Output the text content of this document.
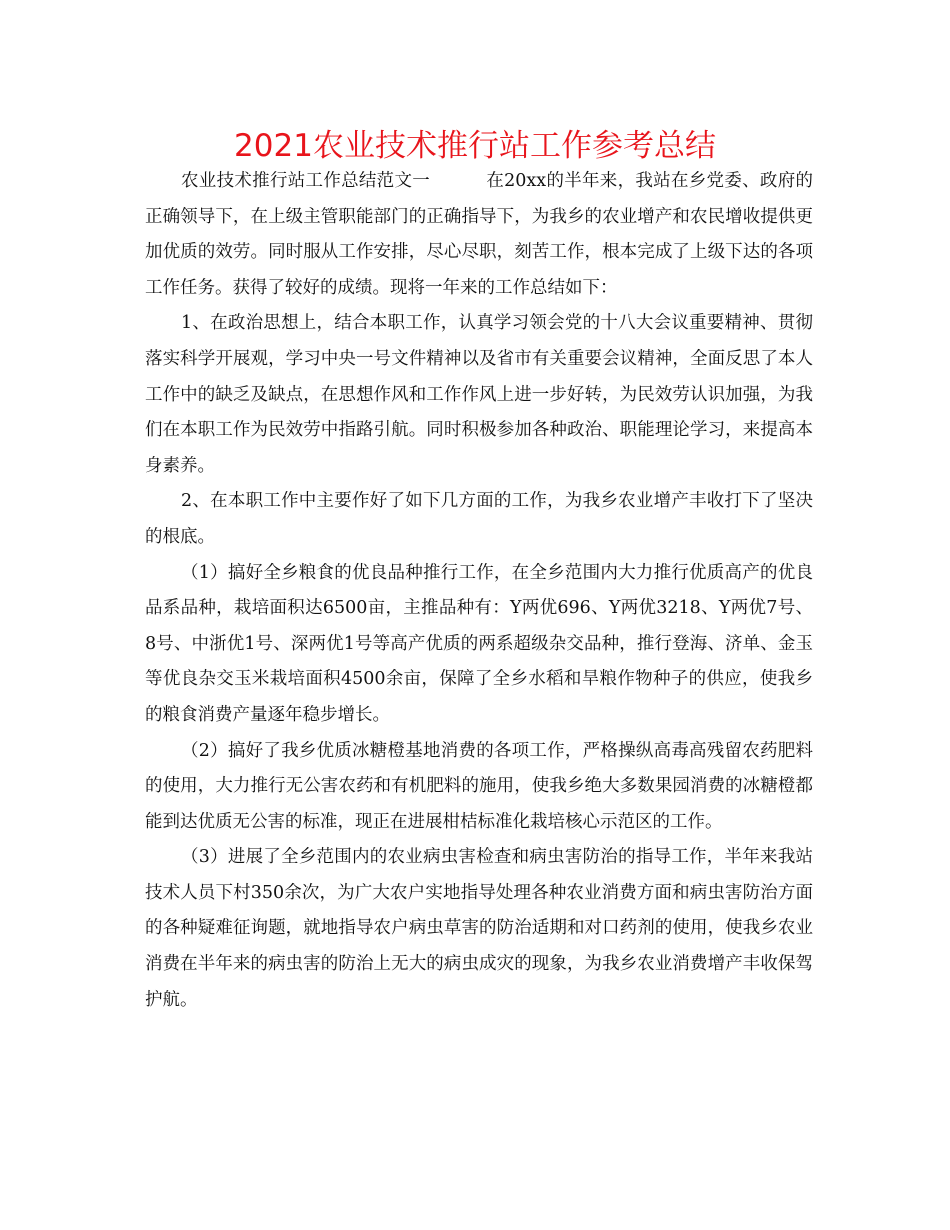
2021农业技术推行站工作参考总结

农业技术推行站工作总结范文一	在20xx的半年来，我站在乡党委、政府的正确领导下，在上级主管职能部门的正确指导下，为我乡的农业增产和农民增收提供更加优质的效劳。同时服从工作安排，尽心尽职，刻苦工作，根本完成了上级下达的各项工作任务。获得了较好的成绩。现将一年来的工作总结如下：

1、在政治思想上，结合本职工作，认真学习领会党的十八大会议重要精神、贯彻落实科学开展观，学习中央一号文件精神以及省市有关重要会议精神，全面反思了本人工作中的缺乏及缺点，在思想作风和工作作风上进一步好转，为民效劳认识加强，为我们在本职工作为民效劳中指路引航。同时积极参加各种政治、职能理论学习，来提高本身素养。

2、在本职工作中主要作好了如下几方面的工作，为我乡农业增产丰收打下了坚决的根底。

（1）搞好全乡粮食的优良品种推行工作，在全乡范围内大力推行优质高产的优良品系品种，栽培面积达6500亩，主推品种有：Y两优696、Y两优3218、Y两优7号、8号、中浙优1号、深两优1号等高产优质的两系超级杂交品种，推行登海、济单、金玉等优良杂交玉米栽培面积4500余亩，保障了全乡水稻和旱粮作物种子的供应，使我乡的粮食消费产量逐年稳步增长。

（2）搞好了我乡优质冰糖橙基地消费的各项工作，严格操纵高毒高残留农药肥料的使用，大力推行无公害农药和有机肥料的施用，使我乡绝大多数果园消费的冰糖橙都能到达优质无公害的标准，现正在进展柑桔标准化栽培核心示范区的工作。

（3）进展了全乡范围内的农业病虫害检查和病虫害防治的指导工作，半年来我站技术人员下村350余次，为广大农户实地指导处理各种农业消费方面和病虫害防治方面的各种疑难征询题，就地指导农户病虫草害的防治适期和对口药剂的使用，使我乡农业消费在半年来的病虫害的防治上无大的病虫成灾的现象，为我乡农业消费增产丰收保驾护航。
